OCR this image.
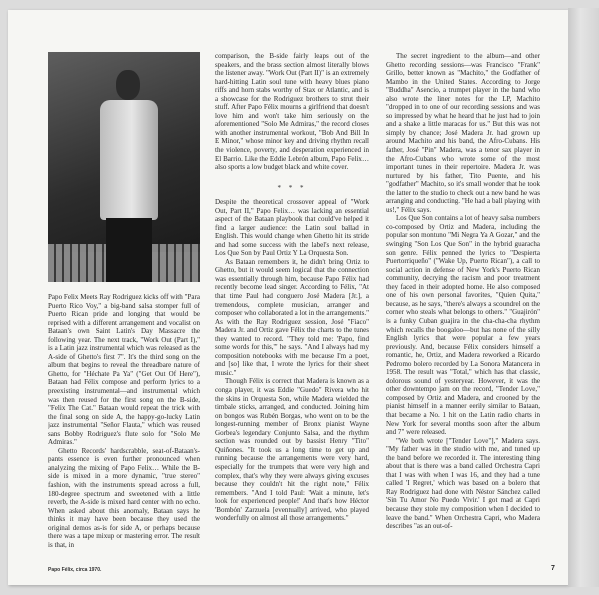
Papo Felix Meets Ray Rodriguez kicks off with "Para Puerto Rico Voy," a big-band salsa stomper full of Puerto Rican pride and longing that would be reprised with a different arrangement and vocalist on Bataan's own Saint Latin's Day Massacre the following year. The next track, "Work Out (Part I)," is a Latin jazz instrumental which was released as the A-side of Ghetto's first 7". It's the third song on the album that begins to reveal the threadbare nature of Ghetto, for "Héchate Pa Ya" ("Get Out Of Here"), Bataan had Félix compose and perform lyrics to a preexisting instrumental—and instrumental which was then reused for the first song on the B-side, "Felix The Cat." Bataan would repeat the trick with the final song on side A, the happy-go-lucky Latin jazz instrumental "Señor Flauta," which was reused sans Bobby Rodriguez's flute solo for "Solo Me Admiras."

Ghetto Records' hardscrabble, seat-of-Bataan's-pants essence is even further pronounced when analyzing the mixing of Papo Felix… While the B-side is mixed in a more dynamic, "true stereo" fashion, with the instruments spread across a full, 180-degree spectrum and sweetened with a little reverb, the A-side is mixed hard center with no echo. When asked about this anomaly, Bataan says he thinks it may have been because they used the original demos as-is for side A, or perhaps because there was a tape mixup or mastering error. The result is that, in

comparison, the B-side fairly leaps out of the speakers, and the brass section almost literally blows the listener away. "Work Out (Part II)" is an extremely hard-hitting Latin soul tune with heavy blues piano riffs and horn stabs worthy of Stax or Atlantic, and is a showcase for the Rodriguez brothers to strut their stuff. After Papo Félix mourns a girlfriend that doesn't love him and won't take him seriously on the aforementioned "Solo Me Admiras," the record closes with another instrumental workout, "Bob And Bill In E Minor," whose minor key and driving rhythm recall the violence, poverty, and desperation experienced in El Barrio. Like the Eddie Lebrón album, Papo Felix… also sports a low budget black and white cover.

* * *

Despite the theoretical crossover appeal of "Work Out, Part II," Papo Felix… was lacking an essential aspect of the Bataan playbook that could've helped it find a larger audience: the Latin soul ballad in English. This would change when Ghetto hit its stride and had some success with the label's next release, Los Que Son by Paul Ortiz Y La Orquesta Son.

As Bataan remembers it, he didn't bring Ortiz to Ghetto, but it would seem logical that the connection was essentially through him, because Papo Félix had recently become lead singer. According to Félix, "At that time Paul had conguero José Madera [Jr.], a tremendous, complete musician, arranger and composer who collaborated a lot in the arrangements." As with the Ray Rodriguez session, José "Fiaco" Madera Jr. and Ortiz gave Félix the charts to the tunes they wanted to record. "They told me: 'Papo, find some words for this,'" he says. "And I always had my composition notebooks with me because I'm a poet, and [so] like that, I wrote the lyrics for their sheet music."

Though Félix is correct that Madera is known as a conga player, it was Eddie "Guedo" Rivera who hit the skins in Orquesta Son, while Madera wielded the timbale sticks, arranged, and conducted. Joining him on bongos was Rubén Borgas, who went on to be the longest-running member of Bronx pianist Wayne Gorbea's legendary Conjunto Salsa, and the rhythm section was rounded out by bassist Henry "Tito" Quiñones. "It took us a long time to get up and running because the arrangements were very hard, especially for the trumpets that were very high and complex, that's why they were always giving excuses because they couldn't hit the right note," Félix remembers. "And I told Paul: 'Wait a minute, let's look for experienced people!' And that's how Héctor 'Bombón' Zarzuela [eventually] arrived, who played wonderfully on almost all those arrangements."

The secret ingredient to the album—and other Ghetto recording sessions—was Francisco "Frank" Grillo, better known as "Machito," the Godfather of Mambo in the United States. According to Jorge "Buddha" Asencio, a trumpet player in the band who also wrote the liner notes for the LP, Machito "dropped in to one of our recording sessions and was so impressed by what he heard that he just had to join and a shake a little maracas for us." But this was not simply by chance; José Madera Jr. had grown up around Machito and his band, the Afro-Cubans. His father, José "Pin" Madera, was a tenor sax player in the Afro-Cubans who wrote some of the most important tunes in their repertoire. Madera Jr. was nurtured by his father, Tito Puente, and his "godfather" Machito, so it's small wonder that he took the latter to the studio to check out a new band he was arranging and conducting. "He had a ball playing with us!," Félix says.

Los Que Son contains a lot of heavy salsa numbers co-composed by Ortiz and Madera, including the popular son montuno "Mi Negra Ya A Gozar," and the swinging "Son Los Que Son" in the hybrid guaracha son genre. Félix penned the lyrics to "Despierta Puertorriqueño" ("Wake Up, Puerto Rican"), a call to social action in defense of New York's Puerto Rican community, decrying the racism and poor treatment they faced in their adopted home. He also composed one of his own personal favorites, "Quien Quita," because, as he says, "there's always a scoundrel on the corner who steals what belongs to others." "Guajirón" is a funky Cuban guajira in the cha-cha-cha rhythm which recalls the boogaloo—but has none of the silly English lyrics that were popular a few years previously. And, because Félix considers himself a romantic, he, Ortiz, and Madera reworked a Ricardo Pedromo bolero recorded by La Sonora Matancera in 1958. The result was "Total," which has that classic, dolorous sound of yesteryear. However, it was the other downtempo jam on the record, "Tender Love," composed by Ortiz and Madera, and crooned by the pianist himself in a manner eerily similar to Bataan, that became a No. 1 hit on the Latin radio charts in New York for several months soon after the album and 7" were released.

"We both wrote ["Tender Love"]," Madera says. "My father was in the studio with me, and tuned up the band before we recorded it. The interesting thing about that is there was a band called Orchestra Capri that I was with when I was 16, and they had a tune called 'I Regret,' which was based on a bolero that Ray Rodriguez had done with Néstor Sánchez called 'Sin Tu Amor No Puedo Vivir.' I got mad at Capri because they stole my composition when I decided to leave the band." When Orchestra Capri, who Madera describes "as an out-of-

Papo Félix, circa 1970.	7
